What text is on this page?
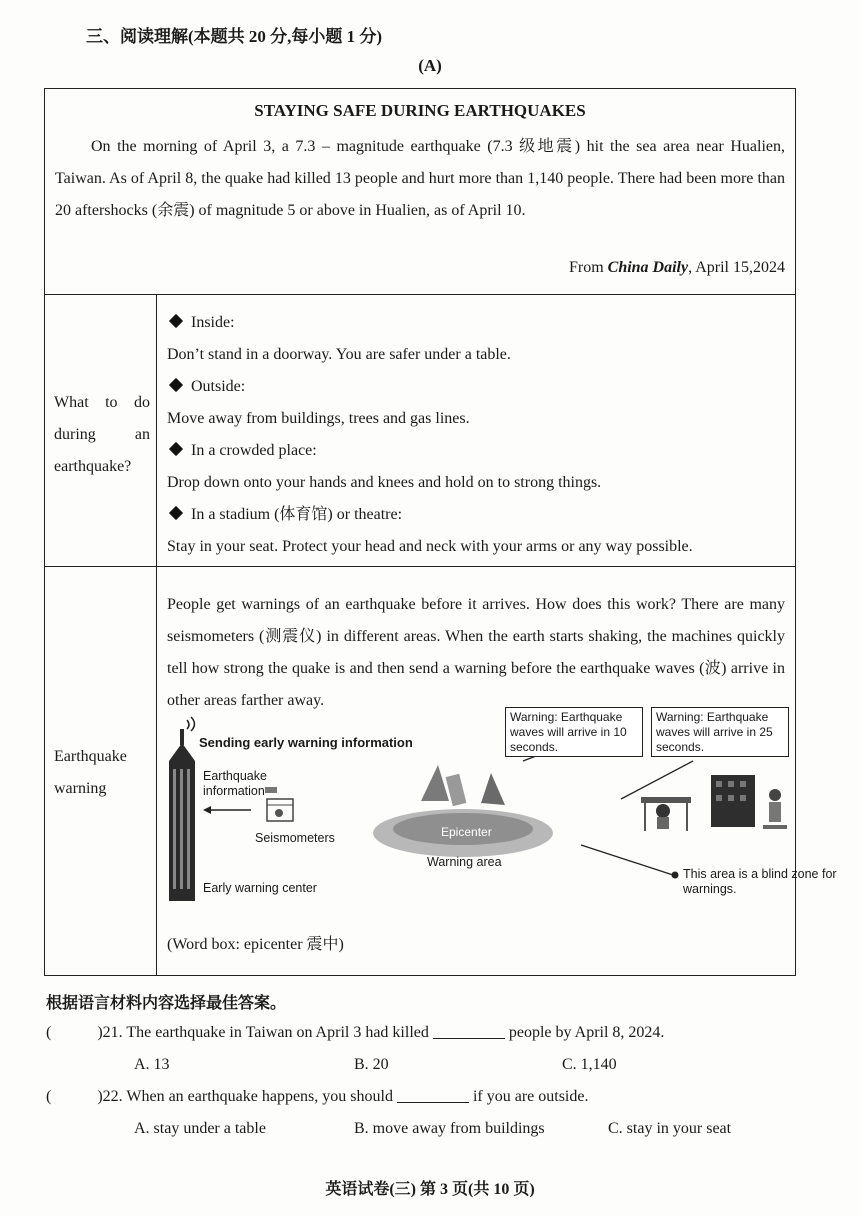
三、阅读理解(本题共 20 分,每小题 1 分)
(A)
STAYING SAFE DURING EARTHQUAKES

On the morning of April 3, a 7.3 – magnitude earthquake (7.3 级地震) hit the sea area near Hualien, Taiwan. As of April 8, the quake had killed 13 people and hurt more than 1,140 people. There had been more than 20 aftershocks (余震) of magnitude 5 or above in Hualien, as of April 10.

From China Daily, April 15,2024
What to do during an earthquake?
Inside:
Don’t stand in a doorway. You are safer under a table.
Outside:
Move away from buildings, trees and gas lines.
In a crowded place:
Drop down onto your hands and knees and hold on to strong things.
In a stadium (体育馆) or theatre:
Stay in your seat. Protect your head and neck with your arms or any way possible.
Earthquake warning
People get warnings of an earthquake before it arrives. How does this work? There are many seismometers (测震仪) in different areas. When the earth starts shaking, the machines quickly tell how strong the quake is and then send a warning before the earthquake waves (波) arrive in other areas farther away.
Sending early warning information
Earthquake information
Seismometers
Early warning center
Epicenter
Warning area
Warning: Earthquake waves will arrive in 10 seconds.
Warning: Earthquake waves will arrive in 25 seconds.
This area is a blind zone for warnings.
(Word box: epicenter 震中)
根据语言材料内容选择最佳答案。
(	)21. The earthquake in Taiwan on April 3 had killed	people by April 8, 2024.
A. 13	B. 20	C. 1,140
(	)22. When an earthquake happens, you should	if you are outside.
A. stay under a table	B. move away from buildings	C. stay in your seat
英语试卷(三) 第 3 页(共 10 页)
